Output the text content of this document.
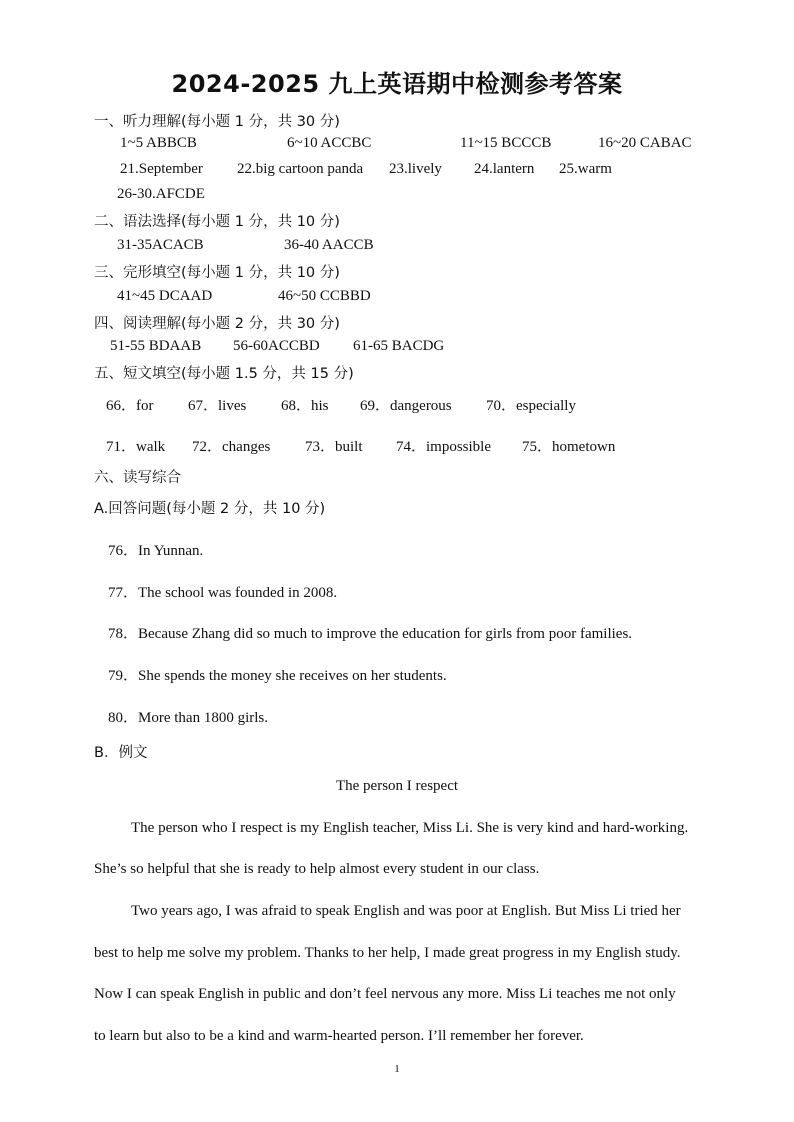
2024-2025 九上英语期中检测参考答案
一、听力理解(每小题 1 分，共 30 分)
1~5 ABBCB	6~10 ACCBC	11~15 BCCCB	16~20 CABAC
21.September 22.big cartoon panda 23.lively 24.lantern 25.warm
26-30.AFCDE
二、语法选择(每小题 1 分，共 10 分)
31-35ACACB	36-40 AACCB
三、完形填空(每小题 1 分，共 10 分)
41~45 DCAAD	46~50 CCBBD
四、阅读理解(每小题 2 分，共 30 分)
51-55 BDAAB 56-60ACCBD 61-65 BACDG
五、短文填空(每小题 1.5 分，共 15 分)
66．for 67．lives 68．his 69．dangerous 70．especially
71．walk 72．changes 73．built 74．impossible 75．hometown
六、读写综合
A.回答问题(每小题 2 分，共 10 分)
76．In Yunnan.
77．The school was founded in 2008.
78．Because Zhang did so much to improve the education for girls from poor families.
79．She spends the money she receives on her students.
80．More than 1800 girls.
B．例文
The person I respect
The person who I respect is my English teacher, Miss Li. She is very kind and hard-working.
She’s so helpful that she is ready to help almost every student in our class.
Two years ago, I was afraid to speak English and was poor at English. But Miss Li tried her
best to help me solve my problem. Thanks to her help, I made great progress in my English study.
Now I can speak English in public and don’t feel nervous any more. Miss Li teaches me not only
to learn but also to be a kind and warm-hearted person. I’ll remember her forever.
1
